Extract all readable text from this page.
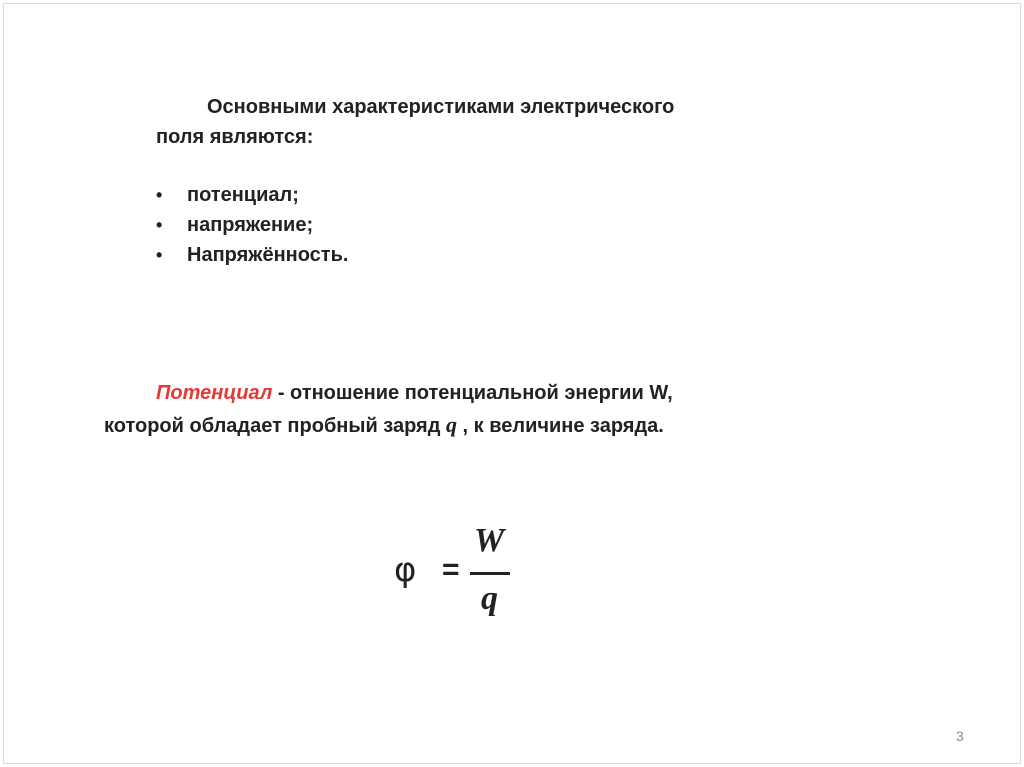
Основными характеристиками электрического
поля являются:
• потенциал;
• напряжение;
• Напряжённость.
Потенциал - отношение потенциальной энергии W,
которой обладает пробный заряд q , к величине заряда.
φ =
W
q
3
